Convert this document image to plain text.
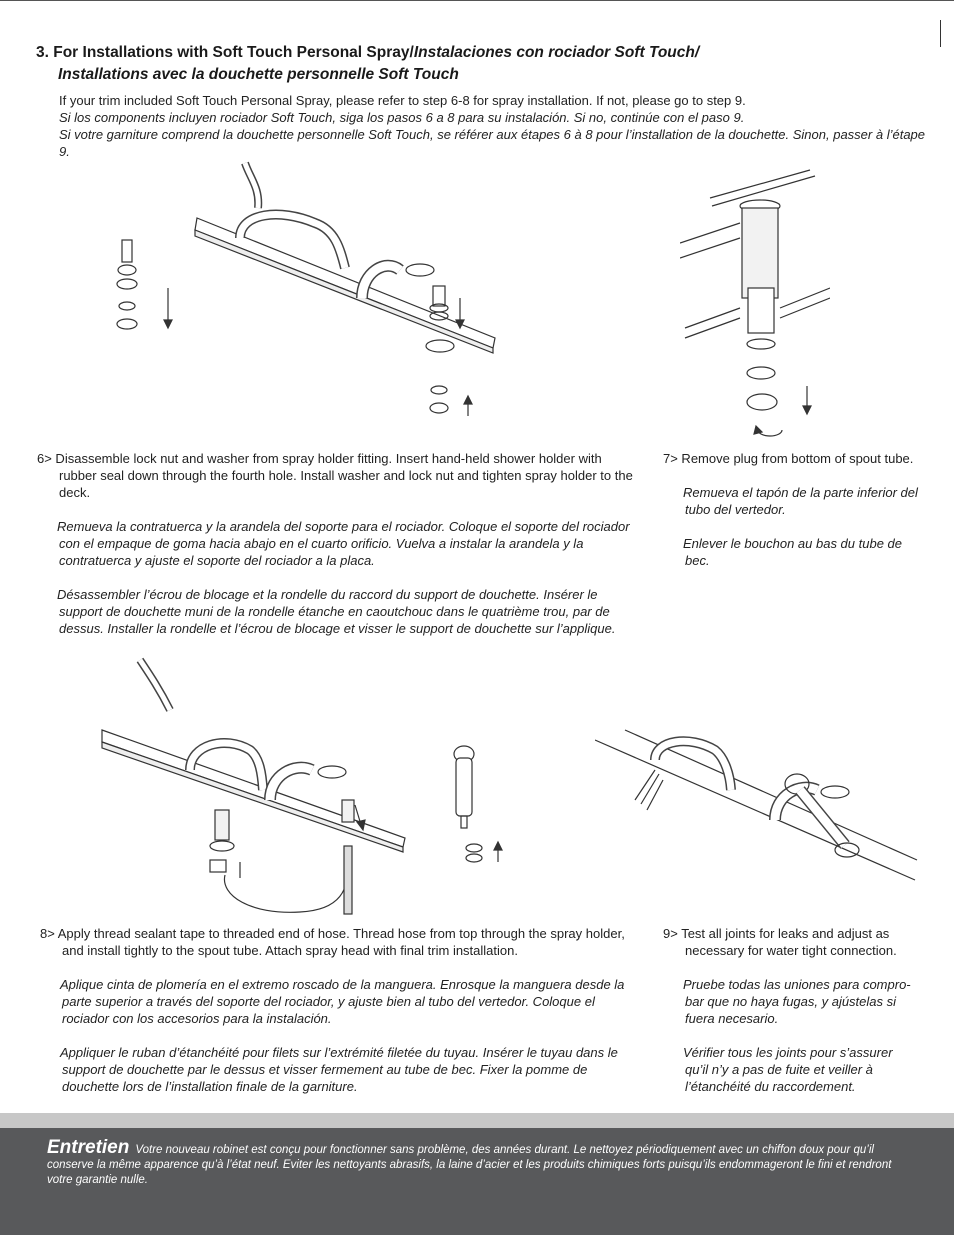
3. For Installations with Soft Touch Personal Spray/Instalaciones con rociador Soft Touch/
Installations avec la douchette personnelle Soft Touch

If your trim included Soft Touch Personal Spray, please refer to step 6-8 for spray installation. If not, please go to step 9.

Si los components incluyen rociador Soft Touch, siga los pasos 6 a 8 para su instalación. Si no, continúe con el paso 9.

Si votre garniture comprend la douchette personnelle Soft Touch, se référer aux étapes 6 à 8 pour l’installation de la douchette. Sinon, passer à l’étape 9.

6> Disassemble lock nut and washer from spray holder fitting. Insert hand-held shower holder with rubber seal down through the fourth hole. Install washer and lock nut and tighten spray holder to the deck.

Remueva la contratuerca y la arandela del soporte para el rociador. Coloque el soporte del rociador con el empaque de goma hacia abajo en el cuarto orificio. Vuelva a instalar la arandela y la contratuerca y ajuste el soporte del rociador a la placa.

Désassembler l’écrou de blocage et la rondelle du raccord du support de douchette. Insérer le support de douchette muni de la rondelle étanche en caoutchouc dans le quatrième trou, par de dessus. Installer la rondelle et l’écrou de blocage et visser le support de douchette sur l’applique.

7> Remove plug from bottom of spout tube.

Remueva el tapón de la parte inferior del tubo del vertedor.

Enlever le bouchon au bas du tube de bec.

8> Apply thread sealant tape to threaded end of hose. Thread hose from top through the spray holder, and install tightly to the spout tube. Attach spray head with final trim installation.

Aplique cinta de plomería en el extremo roscado de la manguera. Enrosque la manguera desde la parte superior a través del soporte del rociador, y ajuste bien al tubo del vertedor. Coloque el rociador con los accesorios para la instalación.

Appliquer le ruban d’étanchéité pour filets sur l’extrémité filetée du tuyau. Insérer le tuyau dans le support de douchette par le dessus et visser fermement au tube de bec. Fixer la pomme de douchette lors de l’installation finale de la garniture.

9> Test all joints for leaks and adjust as necessary for water tight connection.

Pruebe todas las uniones para compro-bar que no haya fugas, y ajústelas si fuera necesario.

Vérifier tous les joints pour s’assurer qu’il n’y a pas de fuite et veiller à l’étanchéité du raccordement.

Entretien Votre nouveau robinet est conçu pour fonctionner sans problème, des années durant. Le nettoyez périodiquement avec un chiffon doux pour qu’il conserve la même apparence qu’à l’état neuf. Eviter les nettoyants abrasifs, la laine d’acier et les produits chimiques forts puisqu’ils endommageront le fini et rendront votre garantie nulle.
